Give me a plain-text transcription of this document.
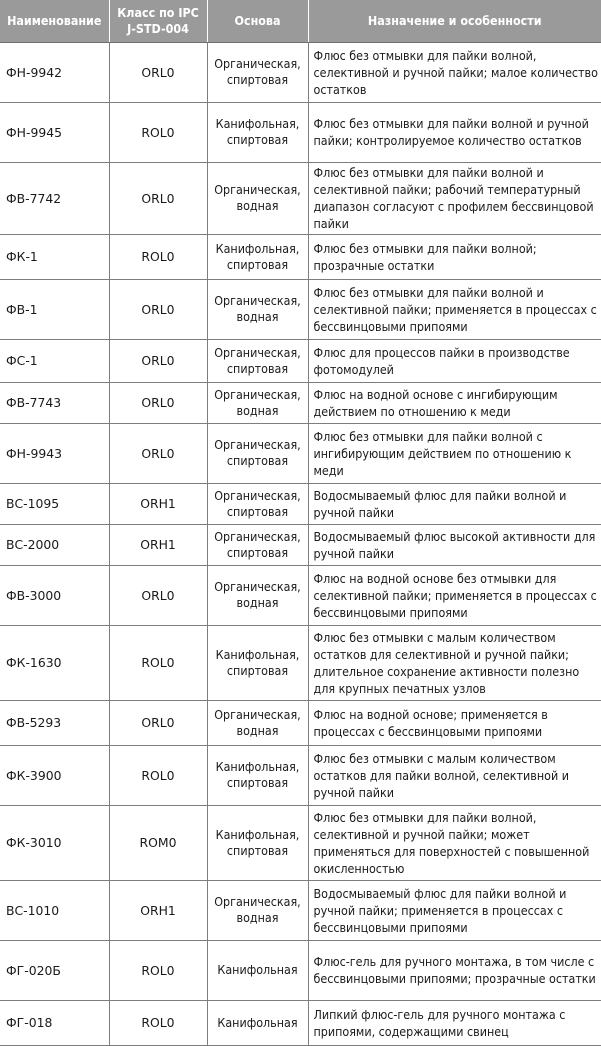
Наименование	Класс по IPC J-STD-004	Основа	Назначение и особенности
ФН-9942	ORL0	Органическая, спиртовая	Флюс без отмывки для пайки волной, селективной и ручной пайки; малое количество остатков
ФН-9945	ROL0	Канифольная, спиртовая	Флюс без отмывки для пайки волной и ручной пайки; контролируемое количество остатков
ФВ-7742	ORL0	Органическая, водная	Флюс без отмывки для пайки волной и селективной пайки; рабочий температурный диапазон согласуют с профилем бессвинцовой пайки
ФК-1	ROL0	Канифольная, спиртовая	Флюс без отмывки для пайки волной; прозрачные остатки
ФВ-1	ORL0	Органическая, водная	Флюс без отмывки для пайки волной и селективной пайки; применяется в процессах с бессвинцовыми припоями
ФС-1	ORL0	Органическая, спиртовая	Флюс для процессов пайки в производстве фотомодулей
ФВ-7743	ORL0	Органическая, водная	Флюс на водной основе с ингибирующим действием по отношению к меди
ФН-9943	ORL0	Органическая, спиртовая	Флюс без отмывки для пайки волной с ингибирующим действием по отношению к меди
ВС-1095	ORH1	Органическая, спиртовая	Водосмываемый флюс для пайки волной и ручной пайки
ВС-2000	ORH1	Органическая, спиртовая	Водосмываемый флюс высокой активности для ручной пайки
ФВ-3000	ORL0	Органическая, водная	Флюс на водной основе без отмывки для селективной пайки; применяется в процессах с бессвинцовыми припоями
ФК-1630	ROL0	Канифольная, спиртовая	Флюс без отмывки с малым количеством остатков для селективной и ручной пайки; длительное сохранение активности полезно для крупных печатных узлов
ФВ-5293	ORL0	Органическая, водная	Флюс на водной основе; применяется в процессах с бессвинцовыми припоями
ФК-3900	ROL0	Канифольная, спиртовая	Флюс без отмывки с малым количеством остатков для пайки волной, селективной и ручной пайки
ФК-3010	ROM0	Канифольная, спиртовая	Флюс без отмывки для пайки волной, селективной и ручной пайки; может применяться для поверхностей с повышенной окисленностью
ВС-1010	ORH1	Органическая, водная	Водосмываемый флюс для пайки волной и ручной пайки; применяется в процессах с бессвинцовыми припоями
ФГ-020Б	ROL0	Канифольная	Флюс-гель для ручного монтажа, в том числе с бессвинцовыми припоями; прозрачные остатки
ФГ-018	ROL0	Канифольная	Липкий флюс-гель для ручного монтажа с припоями, содержащими свинец
